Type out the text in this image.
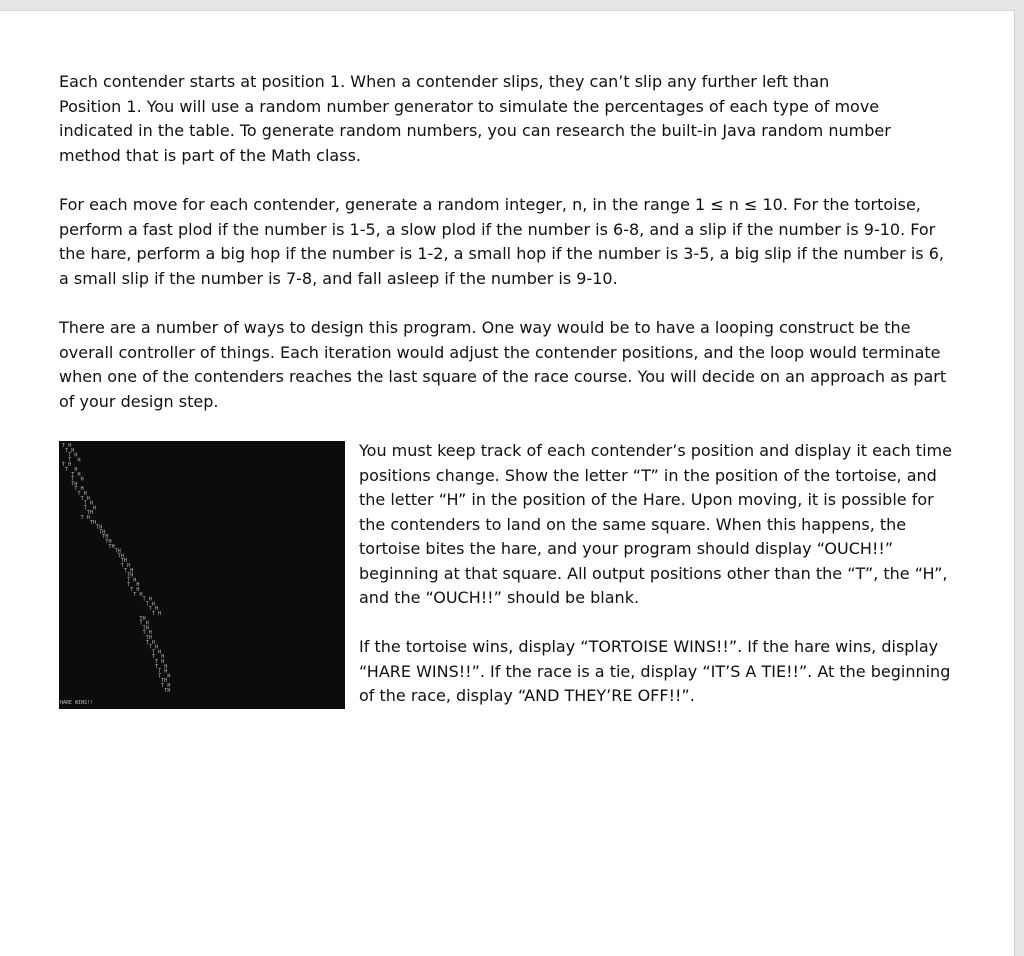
Each contender starts at position 1. When a contender slips, they can’t slip any further left than
Position 1. You will use a random number generator to simulate the percentages of each type of move
indicated in the table. To generate random numbers, you can research the built-in Java random number
method that is part of the Math class.

For each move for each contender, generate a random integer, n, in the range 1 ≤ n ≤ 10. For the tortoise,
perform a fast plod if the number is 1-5, a slow plod if the number is 6-8, and a slip if the number is 9-10. For
the hare, perform a big hop if the number is 1-2, a small hop if the number is 3-5, a big slip if the number is 6,
a small slip if the number is 7-8, and fall asleep if the number is 9-10.

There are a number of ways to design this program. One way would be to have a looping construct be the
overall controller of things. Each iteration would adjust the contender positions, and the loop would terminate
when one of the contenders reaches the last square of the race course. You will decide on an approach as part
of your design step.

T H
T H
T H
T H
T H
T H
T H
T H
T H
T H
T H
T H
T H
T H
T H
T H
T H
T H
T H
T H
T H
T H
T H
T H
T H
T H
T H
T H
T H
T H
T H
T H
T H
T H
T H
T H
T H
T H
T H
T H
T H
T H
T H
T H
T H
T H
T H
T H
T H
T H
T H
T H
HARE WINS!!

You must keep track of each contender’s position and display it each time
positions change. Show the letter “T” in the position of the tortoise, and
the letter “H” in the position of the Hare. Upon moving, it is possible for
the contenders to land on the same square. When this happens, the
tortoise bites the hare, and your program should display “OUCH!!”
beginning at that square. All output positions other than the “T”, the “H”,
and the “OUCH!!” should be blank.

If the tortoise wins, display “TORTOISE WINS!!”. If the hare wins, display
“HARE WINS!!”. If the race is a tie, display “IT’S A TIE!!”. At the beginning
of the race, display “AND THEY’RE OFF!!”.
